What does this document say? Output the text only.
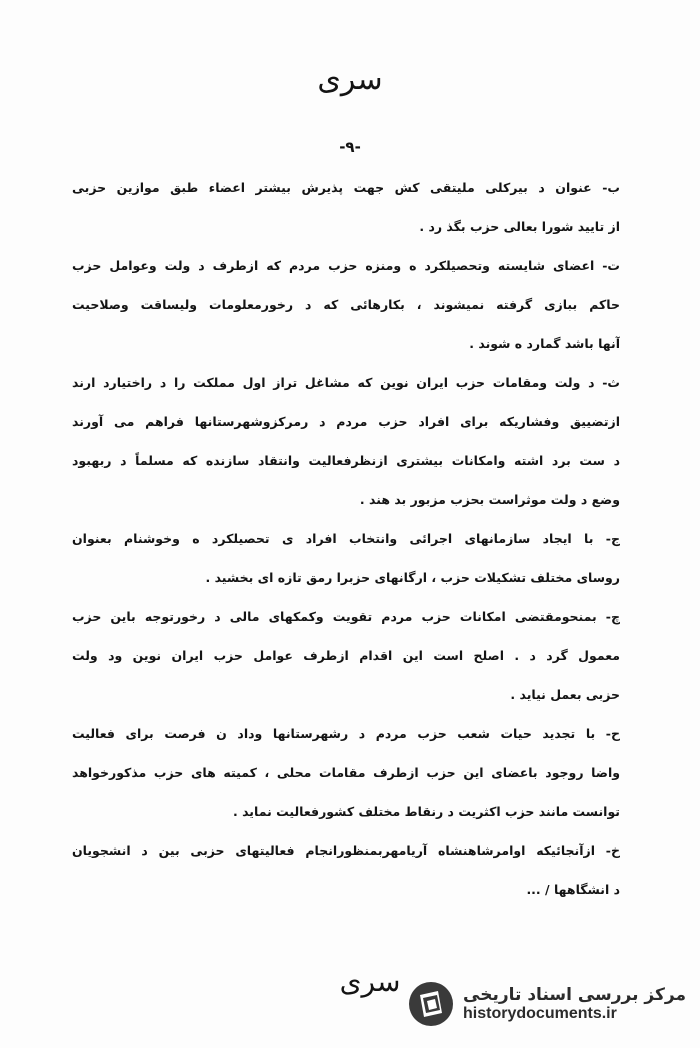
سرى
-۹-
ب- عنوان د بیرکلی ملیتقی کش جهت پذیرش بیشتر اعضاء طبق موازین حزبی
از تایید شورا بعالی حزب بگذ رد .
ت- اعضای شایسته وتحصیلکرد ه ومنزه حزب مردم که ازطرف د ولت وعوامل حزب
حاکم ببازی گرفته نمیشوند ، بکارهائی که د رخورمعلومات ولیساقت وصلاحیت
آنها باشد گمارد ه شوند .
ث- د ولت ومقامات حزب ایران نوین که مشاغل تراز اول مملکت را د راختیارد ارند
ازتضییق وفشاریکه برای افراد حزب مردم د رمرکزوشهرستانها فراهم می آورند
د ست برد اشته وامکانات بیشتری ازنظرفعالیت وانتقاد سازنده که مسلماً د ربهبود
وضع د ولت موثراست بحزب مزبور بد هند .
ج- با ایجاد سازمانهای اجرائی وانتخاب افراد ی تحصیلکرد ه وخوشنام بعنوان
روسای مختلف تشکیلات حزب ، ارگانهای حزبرا رمق تازه ای بخشید .
چ- بمنحومقتضی امکانات حزب مردم تقویت وکمکهای مالی د رخورتوجه باین حزب
معمول گرد د . اصلح است این اقدام ازطرف عوامل حزب ایران نوین ود ولت
حزبی بعمل نیاید .
ح- با تجدید حیات شعب حزب مردم د رشهرستانها وداد ن فرصت برای فعالیت
واضا روجود باعضای این حزب ازطرف مقامات محلی ، کمیته های حزب مذکورخواهد
توانست مانند حزب اکثریت د رنقاط مختلف کشورفعالیت نماید .
خ- ازآنجائیکه اوامرشاهنشاه آریامهربمنظورانجام فعالیتهای حزبی بین د انشجویان
د انشگاهها / ...
سرى	مرکز بررسی اسناد تاریخی
historydocuments.ir
